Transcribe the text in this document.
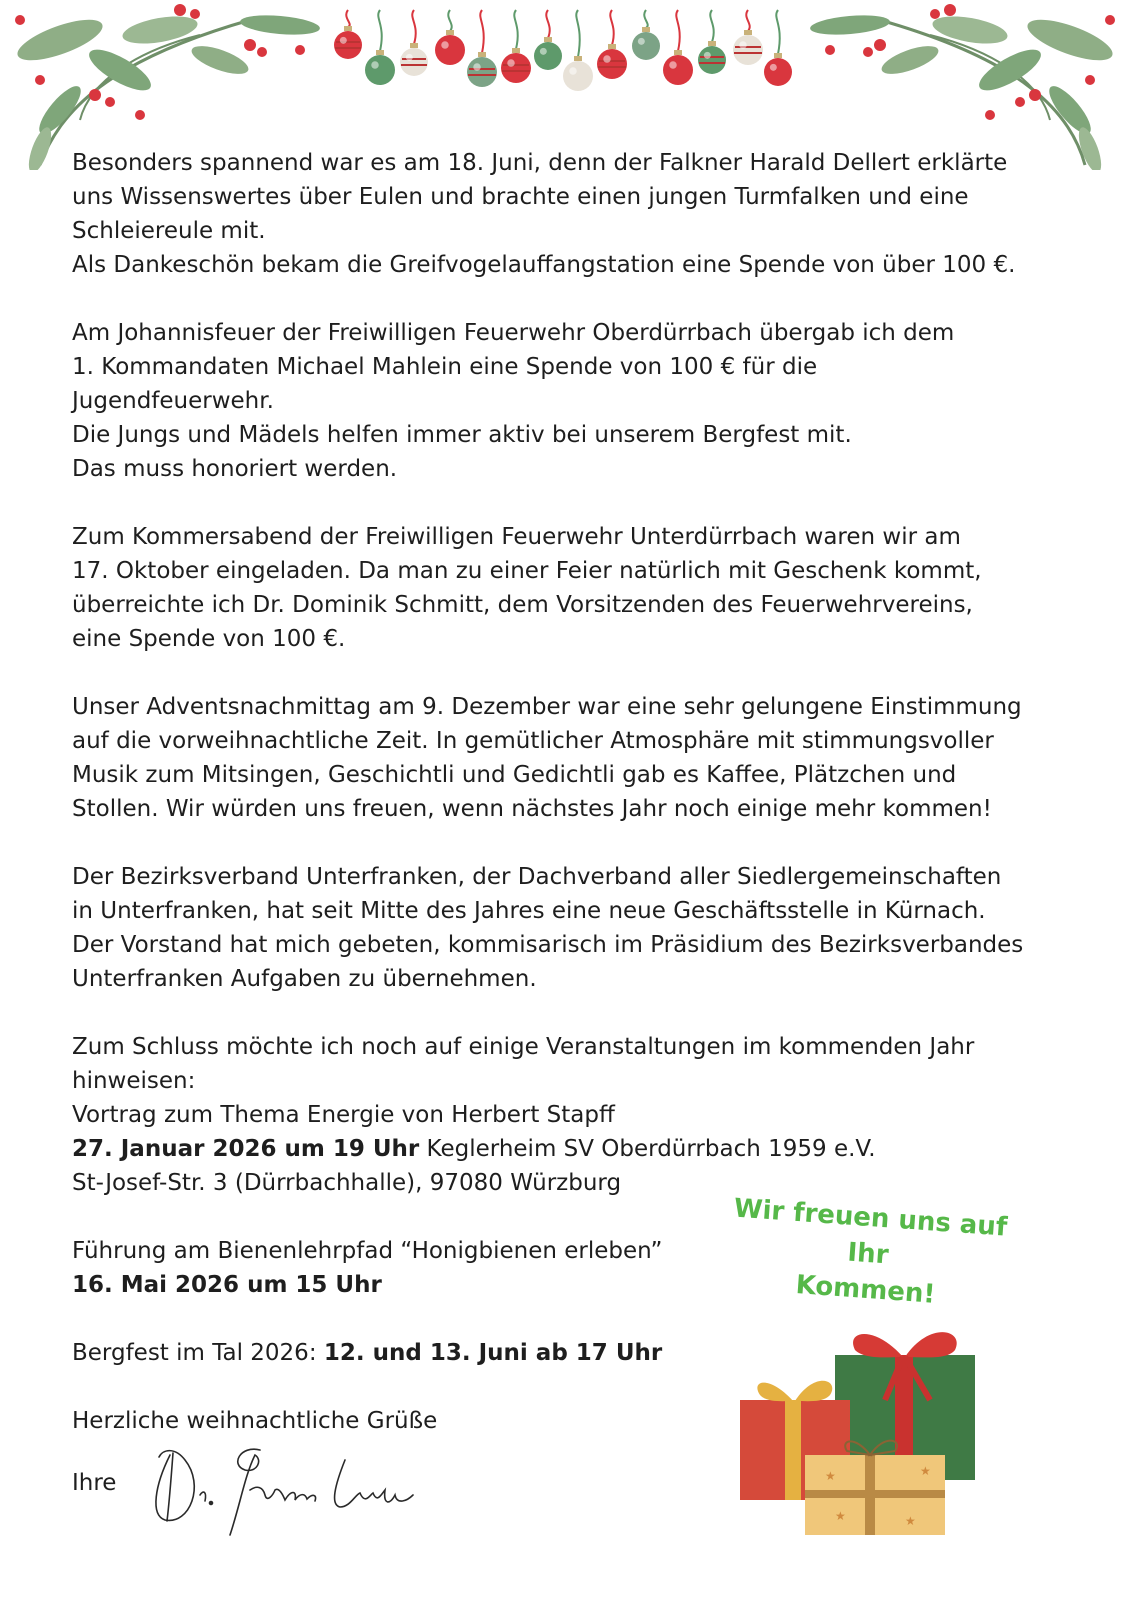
Besonders spannend war es am 18. Juni, denn der Falkner Harald Dellert erklärte

uns Wissenswertes über Eulen und brachte einen jungen Turmfalken und eine

Schleiereule mit.

Als Dankeschön bekam die Greifvogelauffangstation eine Spende von über 100 €.

Am Johannisfeuer der Freiwilligen Feuerwehr Oberdürrbach übergab ich dem

1. Kommandaten Michael Mahlein eine Spende von 100 € für die

Jugendfeuerwehr.

Die Jungs und Mädels helfen immer aktiv bei unserem Bergfest mit.

Das muss honoriert werden.

Zum Kommersabend der Freiwilligen Feuerwehr Unterdürrbach waren wir am

17. Oktober eingeladen. Da man zu einer Feier natürlich mit Geschenk kommt,

überreichte ich Dr. Dominik Schmitt, dem Vorsitzenden des Feuerwehrvereins,

eine Spende von 100 €.

Unser Adventsnachmittag am 9. Dezember war eine sehr gelungene Einstimmung

auf die vorweihnachtliche Zeit. In gemütlicher Atmosphäre mit stimmungsvoller

Musik zum Mitsingen, Geschichtli und Gedichtli gab es Kaffee, Plätzchen und

Stollen. Wir würden uns freuen, wenn nächstes Jahr noch einige mehr kommen!

Der Bezirksverband Unterfranken, der Dachverband aller Siedlergemeinschaften

in Unterfranken, hat seit Mitte des Jahres eine neue Geschäftsstelle in Kürnach.

Der Vorstand hat mich gebeten, kommisarisch im Präsidium des Bezirksverbandes

Unterfranken Aufgaben zu übernehmen.

Zum Schluss möchte ich noch auf einige Veranstaltungen im kommenden Jahr

hinweisen:

Vortrag zum Thema Energie von Herbert Stapff

27. Januar 2026 um 19 Uhr Keglerheim SV Oberdürrbach 1959 e.V.

St-Josef-Str. 3 (Dürrbachhalle), 97080 Würzburg

Führung am Bienenlehrpfad “Honigbienen erleben”

16. Mai 2026 um 15 Uhr

Bergfest im Tal 2026: 12. und 13. Juni ab 17 Uhr

Herzliche weihnachtliche Grüße
Ihre
Wir freuen uns auf Ihr
Kommen!
★	★
★	★
